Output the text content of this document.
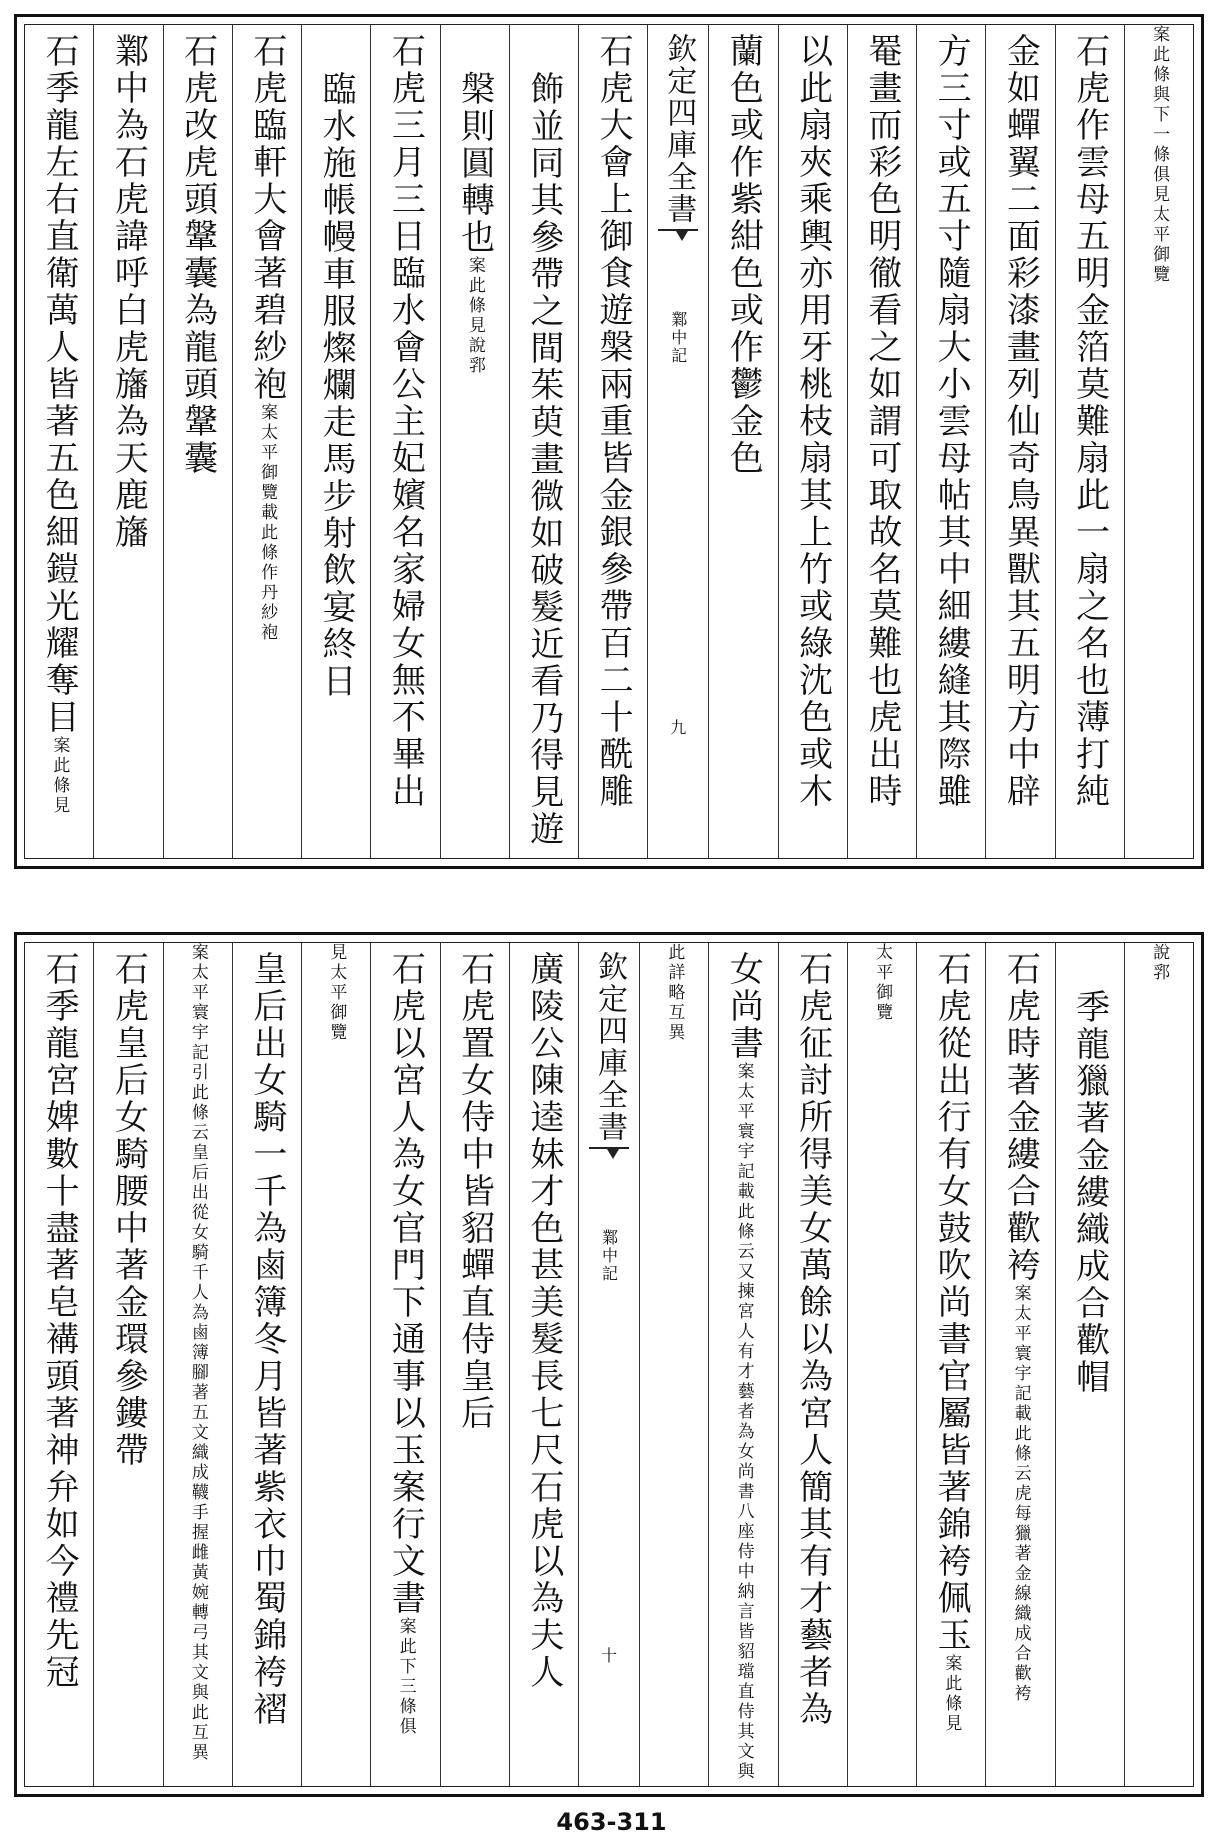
案此條與下一條俱見太平御覽
石虎作雲母五明金箔莫難扇此一扇之名也薄打純
金如蟬翼二面彩漆畫列仙奇鳥異獸其五明方中辟
方三寸或五寸隨扇大小雲母帖其中細縷縫其際雖
罨畫而彩色明徹看之如謂可取故名莫難也虎出時
以此扇夾乘輿亦用牙桃枝扇其上竹或綠沈色或木
蘭色或作紫紺色或作鬱金色
欽定四庫全書
鄴中記
九
石虎大會上御食遊槃兩重皆金銀參帶百二十酰雕
飾並同其參帶之間茱萸畫微如破髮近看乃得見遊
槃則圓轉也
案此條見說郛
石虎三月三日臨水會公主妃嬪名家婦女無不畢出
臨水施帳幔車服燦爛走馬步射飲宴終日
石虎臨軒大會著碧紗袍
案太平御覽載此條作丹紗袍
石虎改虎頭鞶囊為龍頭鞶囊
鄴中為石虎諱呼白虎旛為天鹿旛
石季龍左右直衛萬人皆著五色細鎧光耀奪目
案此條見
說郛
季龍獵著金縷織成合歡帽
石虎時著金縷合歡袴
案太平寰宇記載此條云虎每獵著金線織成合歡袴
石虎從出行有女鼓吹尚書官屬皆著錦袴佩玉
案此條見
太平御覽
石虎征討所得美女萬餘以為宮人簡其有才藝者為
女尚書
案太平寰宇記載此條云又揀宮人有才藝者為女尚書八座侍中納言皆貂璫直侍其文與
此詳略互異
欽定四庫全書
鄴中記
十
廣陵公陳逵妹才色甚美髮長七尺石虎以為夫人
石虎置女侍中皆貂蟬直侍皇后
石虎以宮人為女官門下通事以玉案行文書
案此下三條俱
見太平御覽
皇后出女騎一千為鹵簿冬月皆著紫衣巾蜀錦袴褶
案太平寰宇記引此條云皇后出從女騎千人為鹵簿腳著五文織成韈手握雌黃婉轉弓其文與此互異
石虎皇后女騎腰中著金環參鏤帶
石季龍宮婢數十盡著皂褠頭著神弁如今禮先冠
463-311
